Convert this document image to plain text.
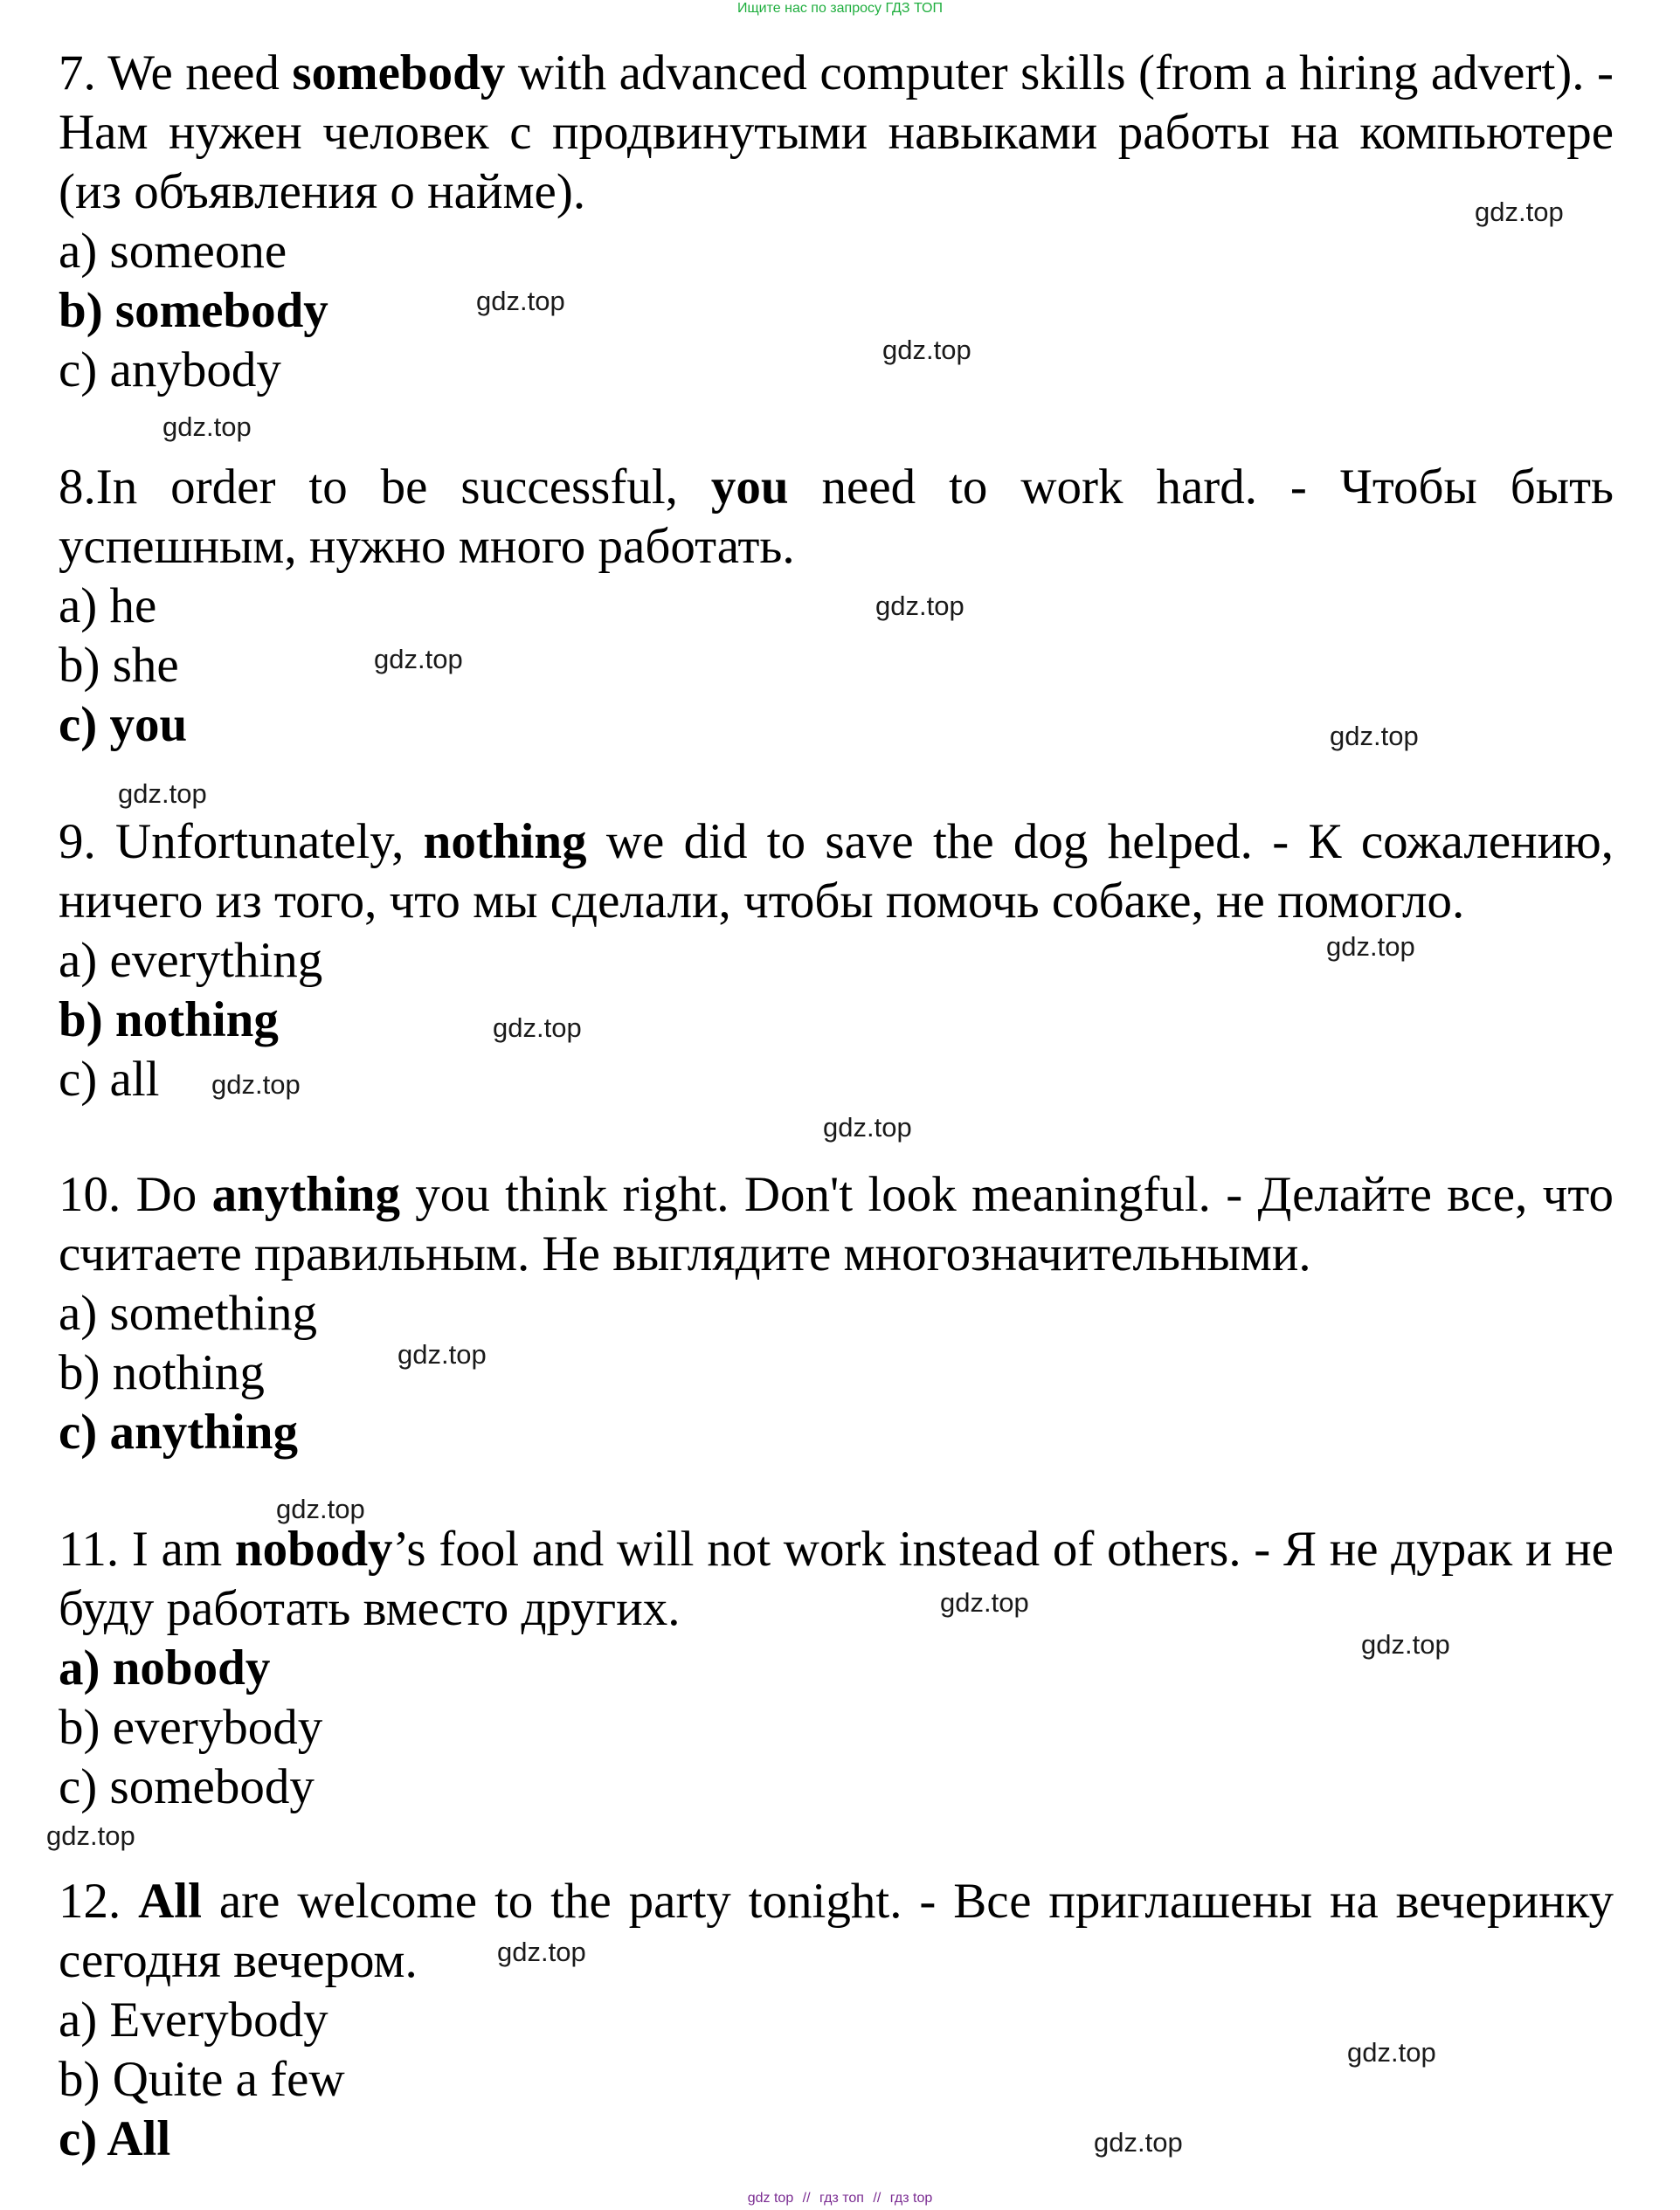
Ищите нас по запросу ГДЗ ТОП

7. We need somebody with advanced computer skills (from a hiring advert). - Нам нужен человек с продвинутыми навыками работы на компьютере (из объявления о найме).

a) someone

b) somebody

c) anybody

8.In order to be successful, you need to work hard. - Чтобы быть успешным, нужно много работать.

a) he

b) she

c) you

9. Unfortunately, nothing we did to save the dog helped. - К сожалению, ничего из того, что мы сделали, чтобы помочь собаке, не помогло.

a) everything

b) nothing

c) all

10. Do anything you think right. Don't look meaningful. - Делайте все, что считаете правильным. Не выглядите многозначительными.

a) something

b) nothing

c) anything

11. I am nobody’s fool and will not work instead of others. - Я не дурак и не буду работать вместо других.

a) nobody

b) everybody

c) somebody

12. All are welcome to the party tonight. - Все приглашены на вечеринку сегодня вечером.

a) Everybody

b) Quite a few

c) All

gdz.top
gdz.top
gdz.top
gdz.top
gdz.top
gdz.top
gdz.top
gdz.top
gdz.top
gdz.top
gdz.top
gdz.top
gdz.top
gdz.top
gdz.top
gdz.top
gdz.top
gdz.top
gdz.top
gdz.top
gdz top // гдз топ // гдз top
